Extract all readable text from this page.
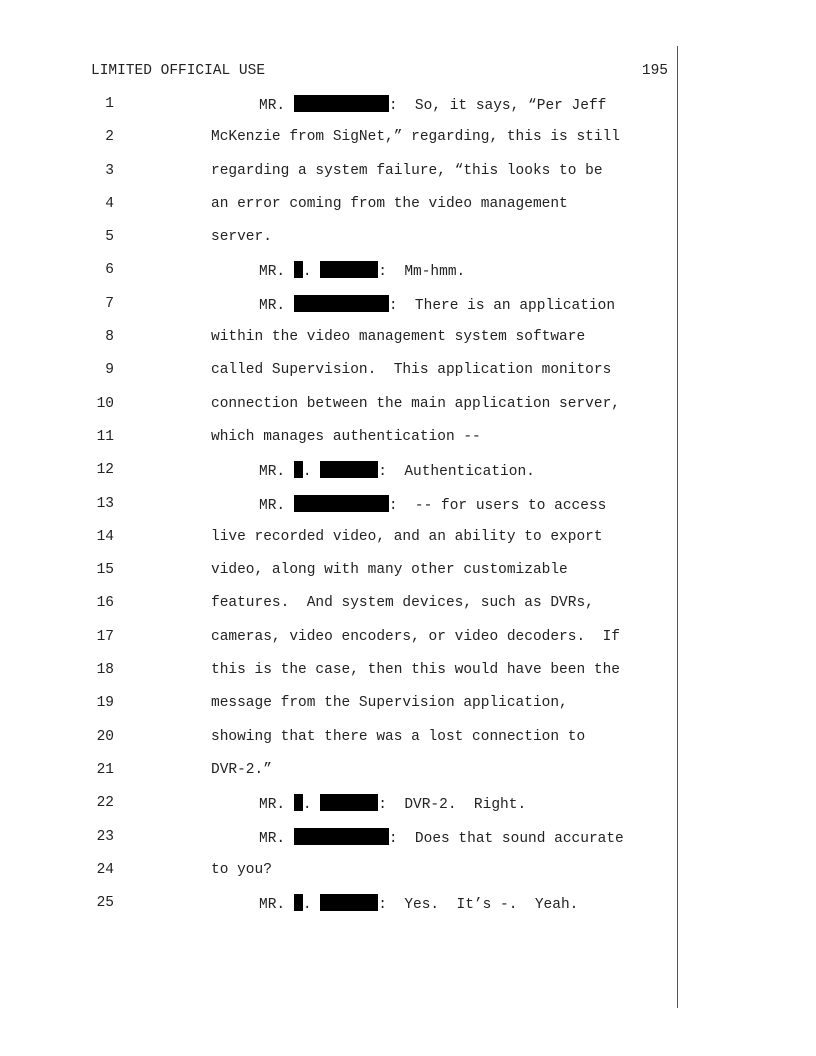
LIMITED OFFICIAL USE	195
1	MR.	:  So, it says, “Per Jeff
2	McKenzie from SigNet,” regarding, this is still
3	regarding a system failure, “this looks to be
4	an error coming from the video management
5	server.
6	MR. .	:  Mm-hmm.
7	MR.	:  There is an application
8	within the video management system software
9	called Supervision.  This application monitors
10	connection between the main application server,
11	which manages authentication --
12	MR. .	:  Authentication.
13	MR.	:  -- for users to access
14	live recorded video, and an ability to export
15	video, along with many other customizable
16	features.  And system devices, such as DVRs,
17	cameras, video encoders, or video decoders.  If
18	this is the case, then this would have been the
19	message from the Supervision application,
20	showing that there was a lost connection to
21	DVR-2.”
22	MR. .	:  DVR-2.  Right.
23	MR.	:  Does that sound accurate
24	to you?
25	MR. .	:  Yes.  It’s -.  Yeah.
